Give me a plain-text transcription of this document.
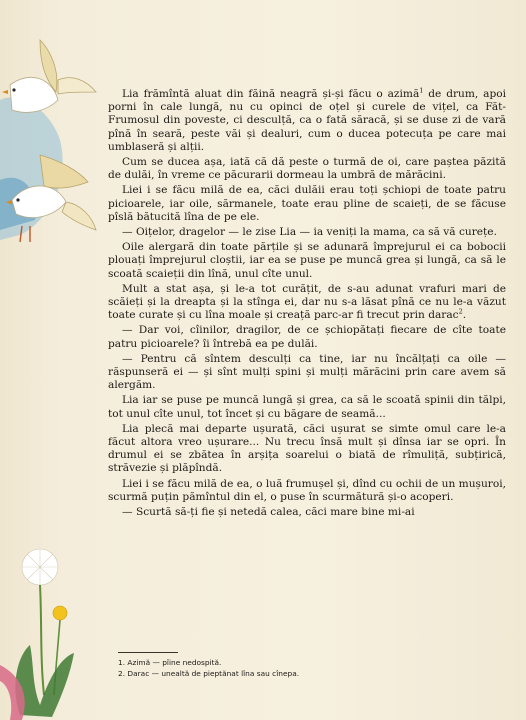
Lia frămîntă aluat din făină neagră și-și făcu o azimă$^1$ de drum, apoi porni în cale lungă, nu cu opinci de oțel și curele de vițel, ca Făt-Frumosul din poveste, ci desculță, ca o fată săracă, și se duse zi de vară pînă în seară, peste văi și dealuri, cum o ducea potecuța pe care mai umblaseră și alții.

Cum se ducea așa, iată că dă peste o turmă de oi, care paștea păzită de dulăi, în vreme ce păcurarii dormeau la umbră de mărăcini.

Liei i se făcu milă de ea, căci dulăii erau toți șchiopi de toate patru picioarele, iar oile, sărmanele, toate erau pline de scaieți, de se făcuse pîslă bătucită lîna de pe ele.

— Oițelor, dragelor — le zise Lia — ia veniți la mama, ca să vă curețe.

Oile alergară din toate părțile și se adunară împrejurul ei ca bobocii plouați împrejurul cloștii, iar ea se puse pe muncă grea și lungă, ca să le scoată scaieții din lînă, unul cîte unul.

Mult a stat așa, și le-a tot curățit, de s-au adunat vrafuri mari de scăieți și la dreapta și la stînga ei, dar nu s-a lăsat pînă ce nu le-a văzut toate curate și cu lîna moale și creață parc-ar fi trecut prin darac$^2$.

— Dar voi, cîinilor, dragilor, de ce șchiopătați fiecare de cîte toate patru picioarele? îi întrebă ea pe dulăi.

— Pentru că sîntem desculți ca tine, iar nu încălțați ca oile — răspunseră ei — și sînt mulți spini și mulți mărăcini prin care avem să alergăm.

Lia iar se puse pe muncă lungă și grea, ca să le scoată spinii din tălpi, tot unul cîte unul, tot încet și cu băgare de seamă...

Lia plecă mai departe ușurată, căci ușurat se simte omul care le-a făcut altora vreo ușurare... Nu trecu însă mult și dînsa iar se opri. În drumul ei se zbătea în arșița soarelui o biată de rîmuliță, subțirică, străvezie și plăpîndă.

Liei i se făcu milă de ea, o luă frumușel și, dînd cu ochii de un mușuroi, scurmă puțin pămîntul din el, o puse în scurmătură și-o acoperi.

— Scurtă să-ți fie și netedă calea, căci mare bine mi-ai

1. Azimă — pîine nedospită.

2. Darac — unealtă de pieptănat lîna sau cînepa.
